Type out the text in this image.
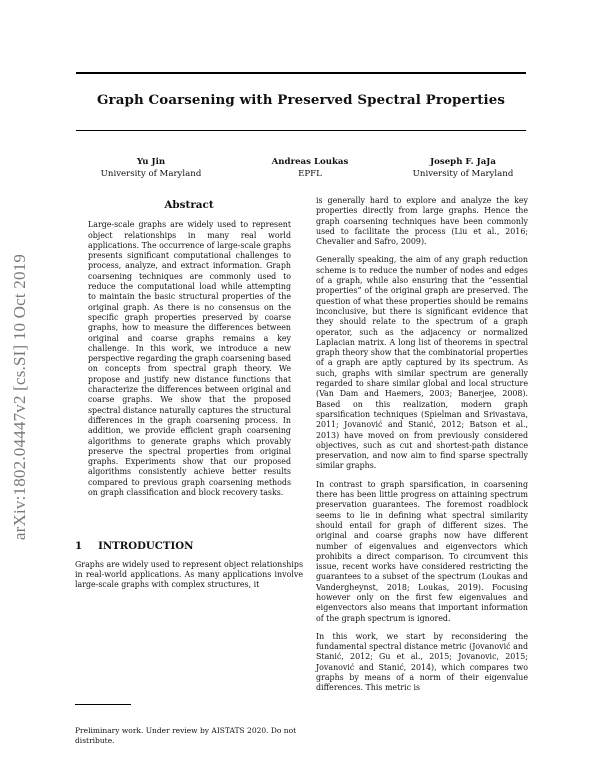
Graph Coarsening with Preserved Spectral Properties
Yu Jin
University of Maryland
Andreas Loukas
EPFL
Joseph F. JaJa
University of Maryland
arXiv:1802.04447v2 [cs.SI] 10 Oct 2019
Abstract

Large-scale graphs are widely used to represent object relationships in many real world applications. The occurrence of large-scale graphs presents significant computational challenges to process, analyze, and extract information. Graph coarsening techniques are commonly used to reduce the computational load while attempting to maintain the basic structural properties of the original graph. As there is no consensus on the specific graph properties preserved by coarse graphs, how to measure the differences between original and coarse graphs remains a key challenge. In this work, we introduce a new perspective regarding the graph coarsening based on concepts from spectral graph theory. We propose and justify new distance functions that characterize the differences between original and coarse graphs. We show that the proposed spectral distance naturally captures the structural differences in the graph coarsening process. In addition, we provide efficient graph coarsening algorithms to generate graphs which provably preserve the spectral properties from original graphs. Experiments show that our proposed algorithms consistently achieve better results compared to previous graph coarsening methods on graph classification and block recovery tasks.

1 INTRODUCTION

Graphs are widely used to represent object relationships in real-world applications. As many applications involve large-scale graphs with complex structures, it

is generally hard to explore and analyze the key properties directly from large graphs. Hence the graph coarsening techniques have been commonly used to facilitate the process (Liu et al., 2016; Chevalier and Safro, 2009).

Generally speaking, the aim of any graph reduction scheme is to reduce the number of nodes and edges of a graph, while also ensuring that the “essential properties” of the original graph are preserved. The question of what these properties should be remains inconclusive, but there is significant evidence that they should relate to the spectrum of a graph operator, such as the adjacency or normalized Laplacian matrix. A long list of theorems in spectral graph theory show that the combinatorial properties of a graph are aptly captured by its spectrum. As such, graphs with similar spectrum are generally regarded to share similar global and local structure (Van Dam and Haemers, 2003; Banerjee, 2008). Based on this realization, modern graph sparsification techniques (Spielman and Srivastava, 2011; Jovanović and Stanić, 2012; Batson et al., 2013) have moved on from previously considered objectives, such as cut and shortest-path distance preservation, and now aim to find sparse spectrally similar graphs.

In contrast to graph sparsification, in coarsening there has been little progress on attaining spectrum preservation guarantees. The foremost roadblock seems to lie in defining what spectral similarity should entail for graph of different sizes. The original and coarse graphs now have different number of eigenvalues and eigenvectors which prohibits a direct comparison. To circumvent this issue, recent works have considered restricting the guarantees to a subset of the spectrum (Loukas and Vandergheynst, 2018; Loukas, 2019). Focusing however only on the first few eigenvalues and eigenvectors also means that important information of the graph spectrum is ignored.

In this work, we start by reconsidering the fundamental spectral distance metric (Jovanović and Stanić, 2012; Gu et al., 2015; Jovanovic, 2015; Jovanović and Stanić, 2014), which compares two graphs by means of a norm of their eigenvalue differences. This metric is

Preliminary work. Under review by AISTATS 2020. Do not distribute.
